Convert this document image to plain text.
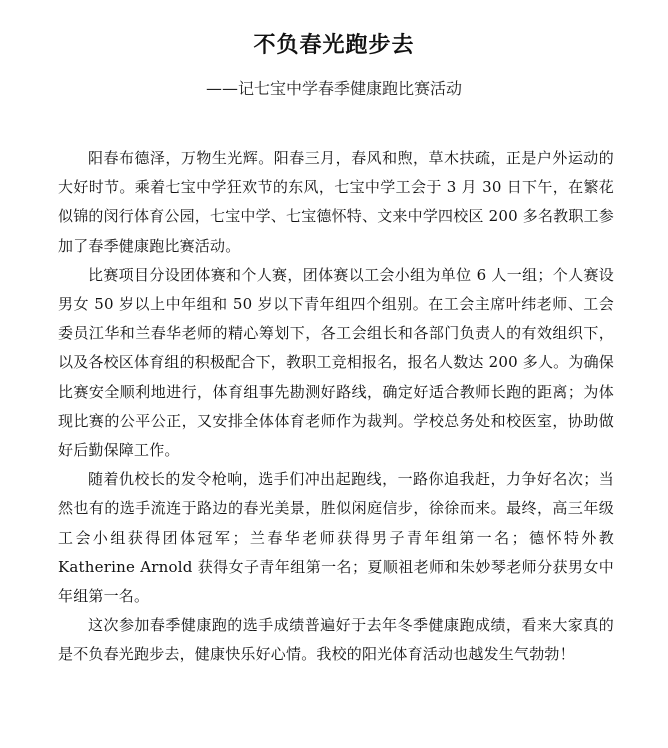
不负春光跑步去
——记七宝中学春季健康跑比赛活动

阳春布德泽，万物生光辉。阳春三月，春风和煦，草木扶疏，正是户外运动的大好时节。乘着七宝中学狂欢节的东风，七宝中学工会于 3 月 30 日下午，在繁花似锦的闵行体育公园，七宝中学、七宝德怀特、文来中学四校区 200 多名教职工参加了春季健康跑比赛活动。

比赛项目分设团体赛和个人赛，团体赛以工会小组为单位 6 人一组；个人赛设男女 50 岁以上中年组和 50 岁以下青年组四个组别。在工会主席叶纬老师、工会委员江华和兰春华老师的精心筹划下，各工会组长和各部门负责人的有效组织下，以及各校区体育组的积极配合下，教职工竞相报名，报名人数达 200 多人。为确保比赛安全顺利地进行，体育组事先勘测好路线，确定好适合教师长跑的距离；为体现比赛的公平公正，又安排全体体育老师作为裁判。学校总务处和校医室，协助做好后勤保障工作。

随着仇校长的发令枪响，选手们冲出起跑线，一路你追我赶，力争好名次；当然也有的选手流连于路边的春光美景，胜似闲庭信步，徐徐而来。最终，高三年级工会小组获得团体冠军；兰春华老师获得男子青年组第一名；德怀特外教 Katherine Arnold 获得女子青年组第一名；夏顺祖老师和朱妙琴老师分获男女中年组第一名。

这次参加春季健康跑的选手成绩普遍好于去年冬季健康跑成绩，看来大家真的是不负春光跑步去，健康快乐好心情。我校的阳光体育活动也越发生气勃勃！
